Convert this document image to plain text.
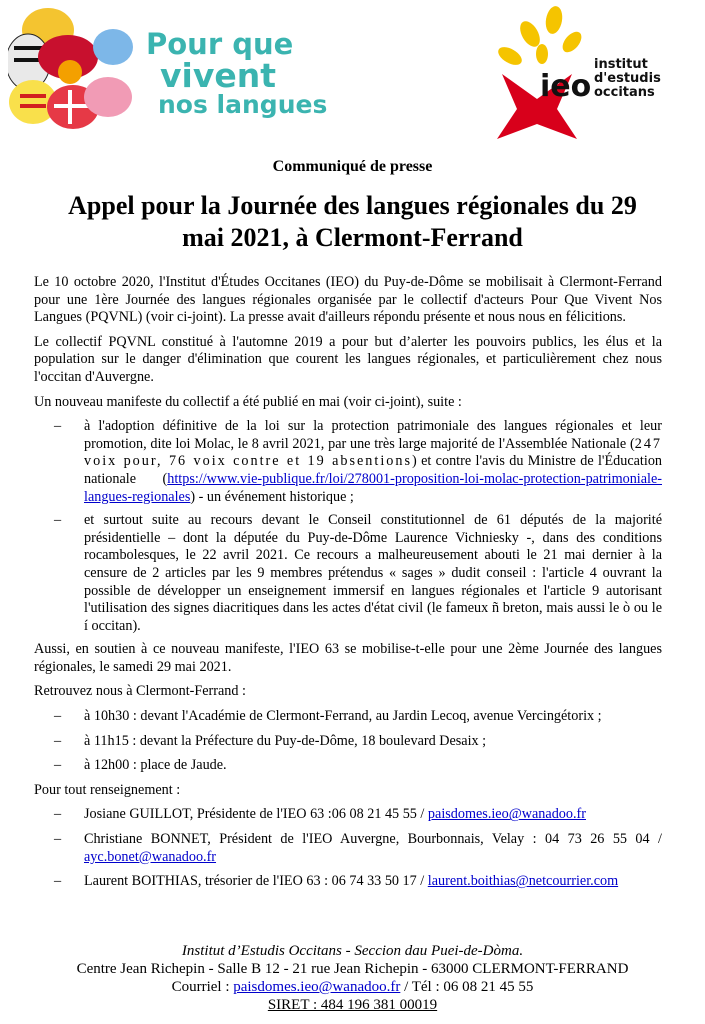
Pour que
vivent
nos langues
ieo
institut
d'estudis
occitans
Communiqué de presse
Appel pour la Journée des langues régionales du 29
mai 2021, à Clermont-Ferrand

Le 10 octobre 2020, l'Institut d'Études Occitanes (IEO) du Puy-de-Dôme se mobilisait à Clermont-Ferrand pour une 1ère Journée des langues régionales organisée par le collectif d'acteurs Pour Que Vivent Nos Langues (PQVNL) (voir ci-joint). La presse avait d'ailleurs répondu présente et nous nous en félicitions.

Le collectif PQVNL constitué à l'automne 2019 a pour but d’alerter les pouvoirs publics, les élus et la population sur le danger d'élimination que courent les langues régionales, et particulièrement chez nous l'occitan d'Auvergne.

Un nouveau manifeste du collectif a été publié en mai (voir ci-joint), suite :

– à l'adoption définitive de la loi sur la protection patrimoniale des langues régionales et leur promotion, dite loi Molac, le 8 avril 2021, par une très large majorité de l'Assemblée Nationale (247 voix pour, 76 voix contre et 19 absentions) et contre l'avis du Ministre de l'Éducation nationale (https://www.vie-publique.fr/loi/278001-proposition-loi-molac-protection-patrimoniale-langues-regionales) - un événement historique ;
– et surtout suite au recours devant le Conseil constitutionnel de 61 députés de la majorité présidentielle – dont la députée du Puy-de-Dôme Laurence Vichniesky -, dans des conditions rocambolesques, le 22 avril 2021. Ce recours a malheureusement abouti le 21 mai dernier à la censure de 2 articles par les 9 membres prétendus « sages » dudit conseil : l'article 4 ouvrant la possible de développer un enseignement immersif en langues régionales et l'article 9 autorisant l'utilisation des signes diacritiques dans les actes d'état civil (le fameux ñ breton, mais aussi le ò ou le í occitan).

Aussi, en soutien à ce nouveau manifeste, l'IEO 63 se mobilise-t-elle pour une 2ème Journée des langues régionales, le samedi 29 mai 2021.

Retrouvez nous à Clermont-Ferrand :

– à 10h30 : devant l'Académie de Clermont-Ferrand, au Jardin Lecoq, avenue Vercingétorix ;
– à 11h15 : devant la Préfecture du Puy-de-Dôme, 18 boulevard Desaix ;
– à 12h00 : place de Jaude.

Pour tout renseignement :

– Josiane GUILLOT, Présidente de l'IEO 63 :06 08 21 45 55 / paisdomes.ieo@wanadoo.fr
– Christiane BONNET, Président de l'IEO Auvergne, Bourbonnais, Velay : 04 73 26 55 04 / ayc.bonet@wanadoo.fr
– Laurent BOITHIAS, trésorier de l'IEO 63 : 06 74 33 50 17 / laurent.boithias@netcourrier.com
Institut d’Estudis Occitans - Seccion dau Puei-de-Dòma.
Centre Jean Richepin - Salle B 12 - 21 rue Jean Richepin - 63000 CLERMONT-FERRAND
Courriel : paisdomes.ieo@wanadoo.fr / Tél : 06 08 21 45 55
SIRET : 484 196 381 00019
